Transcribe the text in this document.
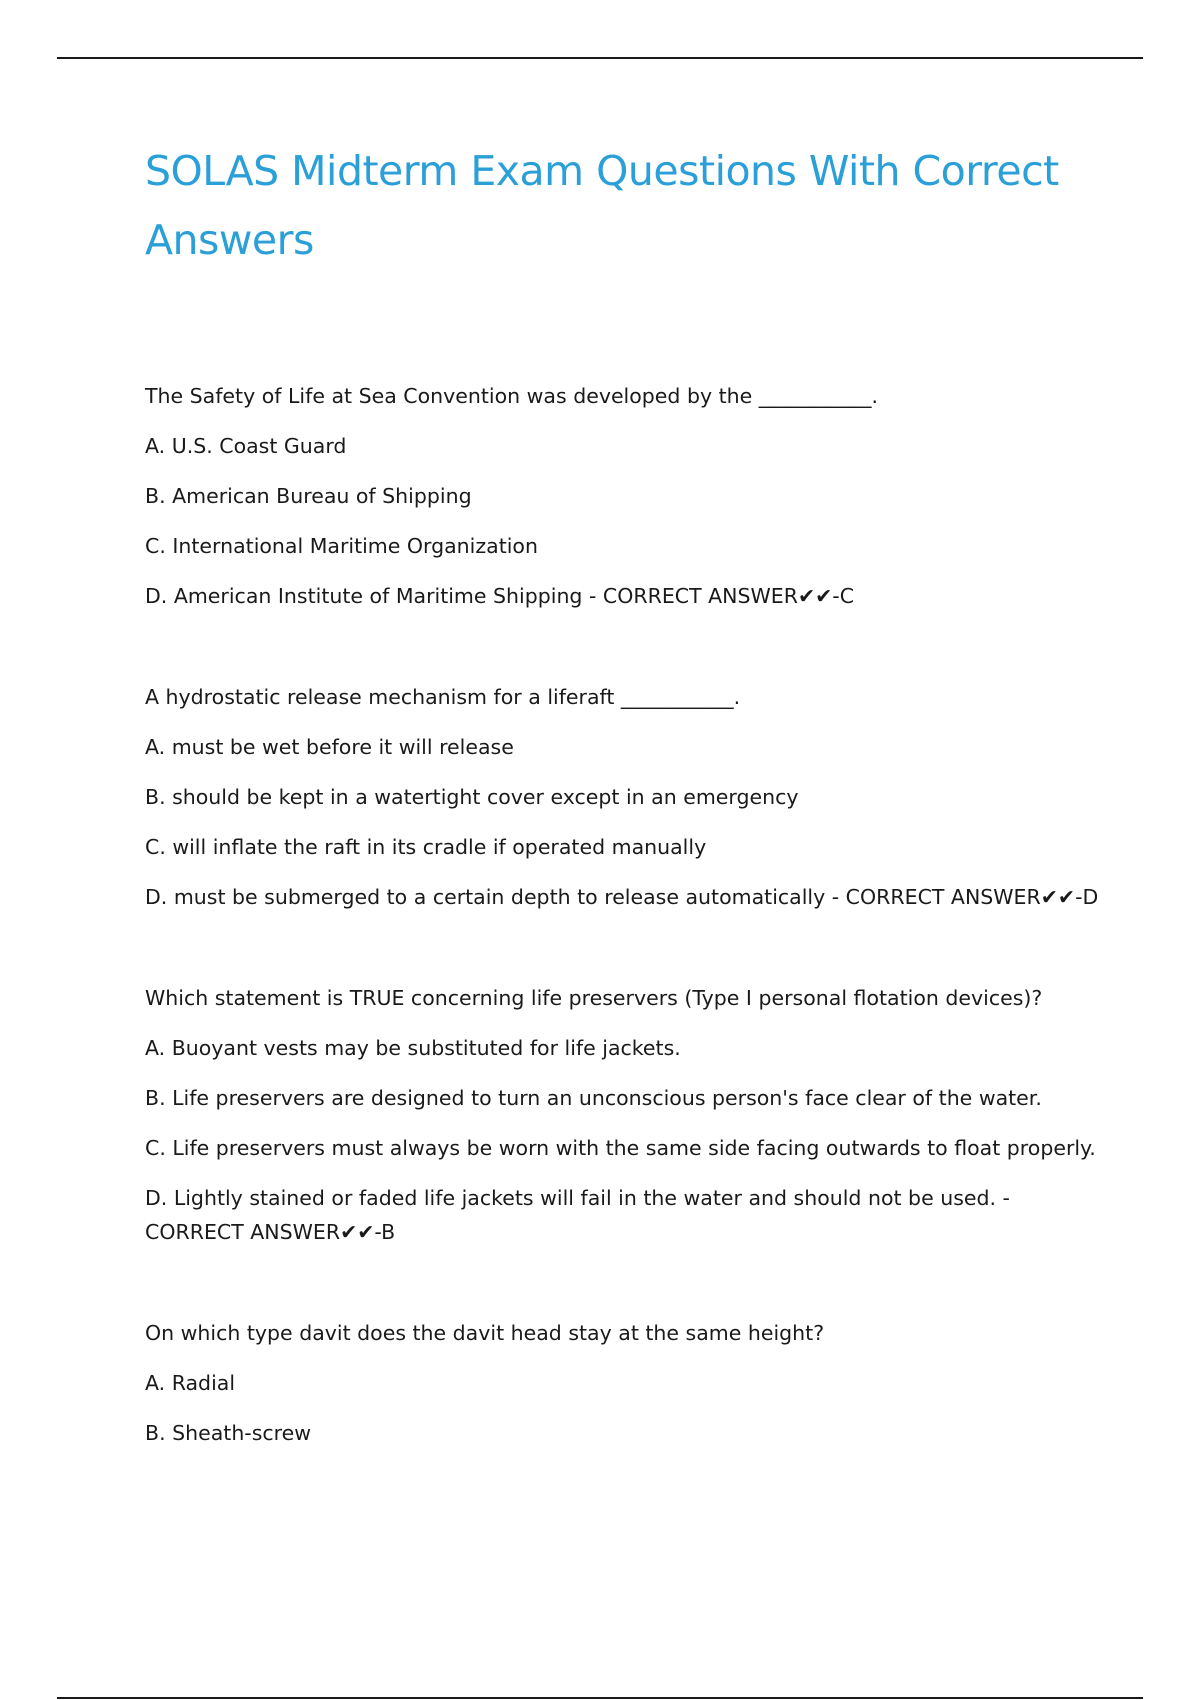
SOLAS Midterm Exam Questions With Correct Answers
The Safety of Life at Sea Convention was developed by the ___________.
A. U.S. Coast Guard
B. American Bureau of Shipping
C. International Maritime Organization
D. American Institute of Maritime Shipping - CORRECT ANSWER✔✔-C
A hydrostatic release mechanism for a liferaft ___________.
A. must be wet before it will release
B. should be kept in a watertight cover except in an emergency
C. will inflate the raft in its cradle if operated manually
D. must be submerged to a certain depth to release automatically - CORRECT ANSWER✔✔-D
Which statement is TRUE concerning life preservers (Type I personal flotation devices)?
A. Buoyant vests may be substituted for life jackets.
B. Life preservers are designed to turn an unconscious person's face clear of the water.
C. Life preservers must always be worn with the same side facing outwards to float properly.
D. Lightly stained or faded life jackets will fail in the water and should not be used. - CORRECT ANSWER✔✔-B
On which type davit does the davit head stay at the same height?
A. Radial
B. Sheath-screw
